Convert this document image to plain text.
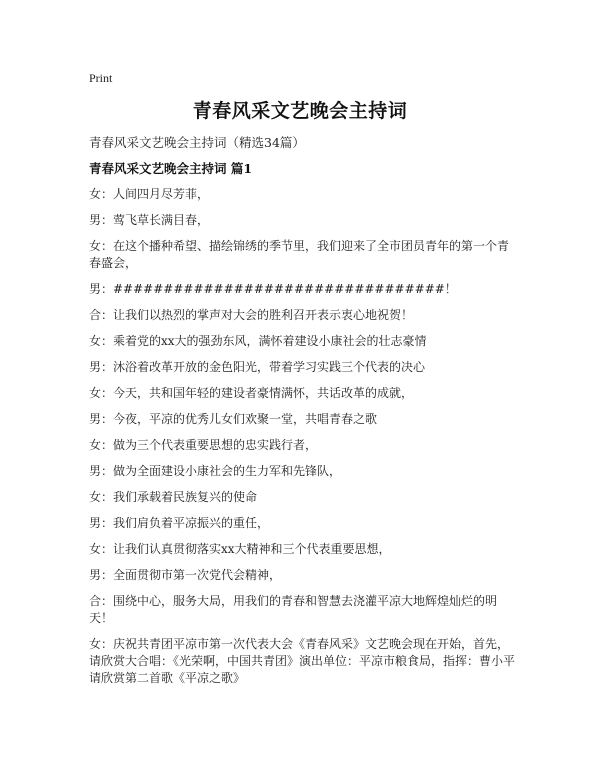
Print
青春风采文艺晚会主持词
青春风采文艺晚会主持词（精选34篇）
青春风采文艺晚会主持词 篇1
女：人间四月尽芳菲，
男：莺飞草长满目春，
女：在这个播种希望、描绘锦绣的季节里，我们迎来了全市团员青年的第一个青春盛会，
男：#################################！
合：让我们以热烈的掌声对大会的胜利召开表示衷心地祝贺！
女：乘着党的xx大的强劲东风，满怀着建设小康社会的壮志豪情
男：沐浴着改革开放的金色阳光，带着学习实践三个代表的决心
女：今天，共和国年轻的建设者豪情满怀，共话改革的成就，
男：今夜，平凉的优秀儿女们欢聚一堂，共唱青春之歌
女：做为三个代表重要思想的忠实践行者，
男：做为全面建设小康社会的生力军和先锋队，
女：我们承载着民族复兴的使命
男：我们肩负着平凉振兴的重任，
女：让我们认真贯彻落实xx大精神和三个代表重要思想，
男：全面贯彻市第一次党代会精神，
合：围绕中心，服务大局，用我们的青春和智慧去浇灌平凉大地辉煌灿烂的明天！
女：庆祝共青团平凉市第一次代表大会《青春风采》文艺晚会现在开始，首先，请欣赏大合唱：《光荣啊，中国共青团》演出单位：平凉市粮食局，指挥：曹小平请欣赏第二首歌《平凉之歌》
